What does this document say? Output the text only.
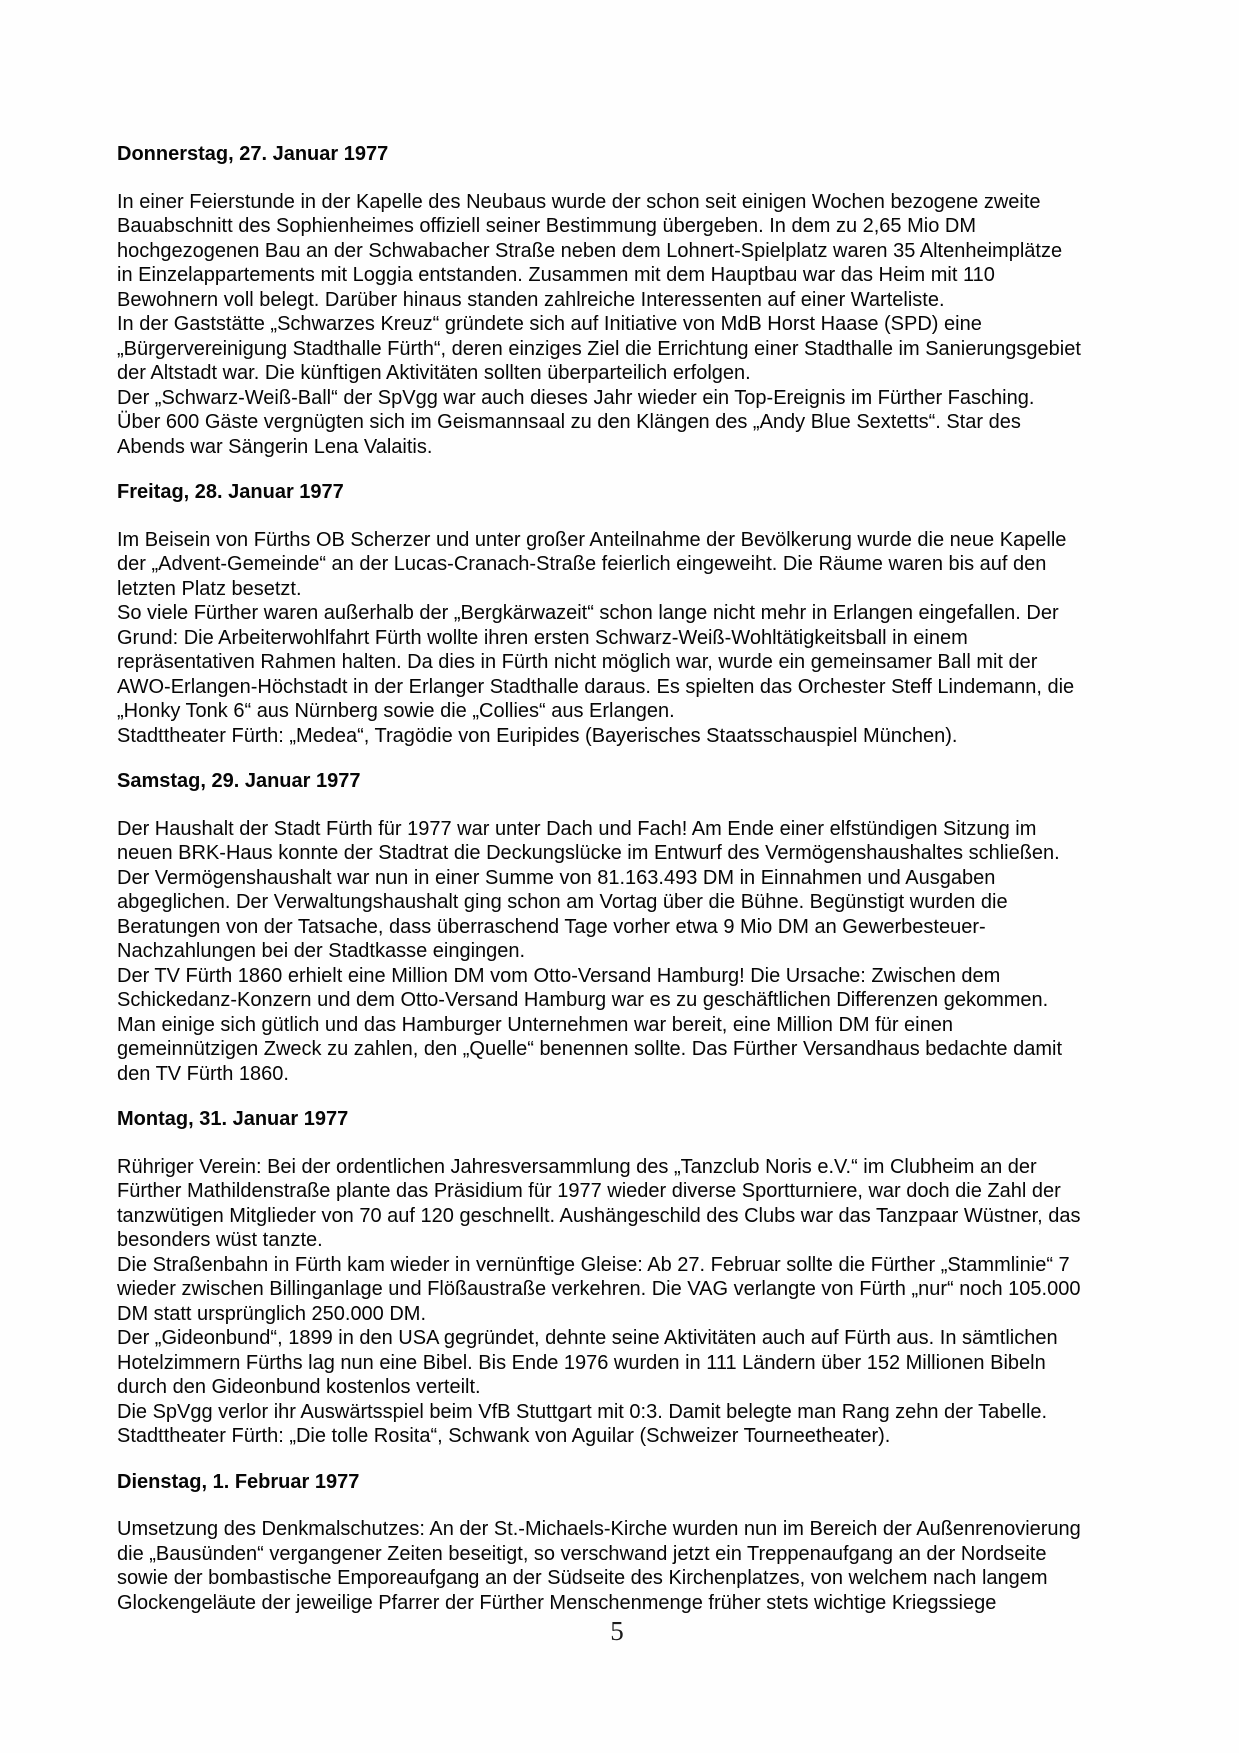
Donnerstag, 27. Januar 1977
In einer Feierstunde in der Kapelle des Neubaus wurde der schon seit einigen Wochen bezogene zweite
Bauabschnitt des Sophienheimes offiziell seiner Bestimmung übergeben. In dem zu 2,65 Mio DM
hochgezogenen Bau an der Schwabacher Straße neben dem Lohnert-Spielplatz waren 35 Altenheimplätze
in Einzelappartements mit Loggia entstanden. Zusammen mit dem Hauptbau war das Heim mit 110
Bewohnern voll belegt. Darüber hinaus standen zahlreiche Interessenten auf einer Warteliste.
In der Gaststätte „Schwarzes Kreuz“ gründete sich auf Initiative von MdB Horst Haase (SPD) eine
„Bürgervereinigung Stadthalle Fürth“, deren einziges Ziel die Errichtung einer Stadthalle im Sanierungsgebiet
der Altstadt war. Die künftigen Aktivitäten sollten überparteilich erfolgen.
Der „Schwarz-Weiß-Ball“ der SpVgg war auch dieses Jahr wieder ein Top-Ereignis im Fürther Fasching.
Über 600 Gäste vergnügten sich im Geismannsaal zu den Klängen des „Andy Blue Sextetts“. Star des
Abends war Sängerin Lena Valaitis.
Freitag, 28. Januar 1977
Im Beisein von Fürths OB Scherzer und unter großer Anteilnahme der Bevölkerung wurde die neue Kapelle
der „Advent-Gemeinde“ an der Lucas-Cranach-Straße feierlich eingeweiht. Die Räume waren bis auf den
letzten Platz besetzt.
So viele Fürther waren außerhalb der „Bergkärwazeit“ schon lange nicht mehr in Erlangen eingefallen. Der
Grund: Die Arbeiterwohlfahrt Fürth wollte ihren ersten Schwarz-Weiß-Wohltätigkeitsball in einem
repräsentativen Rahmen halten. Da dies in Fürth nicht möglich war, wurde ein gemeinsamer Ball mit der
AWO-Erlangen-Höchstadt in der Erlanger Stadthalle daraus. Es spielten das Orchester Steff Lindemann, die
„Honky Tonk 6“ aus Nürnberg sowie die „Collies“ aus Erlangen.
Stadttheater Fürth: „Medea“, Tragödie von Euripides (Bayerisches Staatsschauspiel München).
Samstag, 29. Januar 1977
Der Haushalt der Stadt Fürth für 1977 war unter Dach und Fach! Am Ende einer elfstündigen Sitzung im
neuen BRK-Haus konnte der Stadtrat die Deckungslücke im Entwurf des Vermögenshaushaltes schließen.
Der Vermögenshaushalt war nun in einer Summe von 81.163.493 DM in Einnahmen und Ausgaben
abgeglichen. Der Verwaltungshaushalt ging schon am Vortag über die Bühne. Begünstigt wurden die
Beratungen von der Tatsache, dass überraschend Tage vorher etwa 9 Mio DM an Gewerbesteuer-
Nachzahlungen bei der Stadtkasse eingingen.
Der TV Fürth 1860 erhielt eine Million DM vom Otto-Versand Hamburg! Die Ursache: Zwischen dem
Schickedanz-Konzern und dem Otto-Versand Hamburg war es zu geschäftlichen Differenzen gekommen.
Man einige sich gütlich und das Hamburger Unternehmen war bereit, eine Million DM für einen
gemeinnützigen Zweck zu zahlen, den „Quelle“ benennen sollte. Das Fürther Versandhaus bedachte damit
den TV Fürth 1860.
Montag, 31. Januar 1977
Rühriger Verein: Bei der ordentlichen Jahresversammlung des „Tanzclub Noris e.V.“ im Clubheim an der
Fürther Mathildenstraße plante das Präsidium für 1977 wieder diverse Sportturniere, war doch die Zahl der
tanzwütigen Mitglieder von 70 auf 120 geschnellt. Aushängeschild des Clubs war das Tanzpaar Wüstner, das
besonders wüst tanzte.
Die Straßenbahn in Fürth kam wieder in vernünftige Gleise: Ab 27. Februar sollte die Fürther „Stammlinie“ 7
wieder zwischen Billinganlage und Flößaustraße verkehren. Die VAG verlangte von Fürth „nur“ noch 105.000
DM statt ursprünglich 250.000 DM.
Der „Gideonbund“, 1899 in den USA gegründet, dehnte seine Aktivitäten auch auf Fürth aus. In sämtlichen
Hotelzimmern Fürths lag nun eine Bibel. Bis Ende 1976 wurden in 111 Ländern über 152 Millionen Bibeln
durch den Gideonbund kostenlos verteilt.
Die SpVgg verlor ihr Auswärtsspiel beim VfB Stuttgart mit 0:3. Damit belegte man Rang zehn der Tabelle.
Stadttheater Fürth: „Die tolle Rosita“, Schwank von Aguilar (Schweizer Tourneetheater).
Dienstag, 1. Februar 1977
Umsetzung des Denkmalschutzes: An der St.-Michaels-Kirche wurden nun im Bereich der Außenrenovierung
die „Bausünden“ vergangener Zeiten beseitigt, so verschwand jetzt ein Treppenaufgang an der Nordseite
sowie der bombastische Emporeaufgang an der Südseite des Kirchenplatzes, von welchem nach langem
Glockengeläute der jeweilige Pfarrer der Fürther Menschenmenge früher stets wichtige Kriegssiege
5
